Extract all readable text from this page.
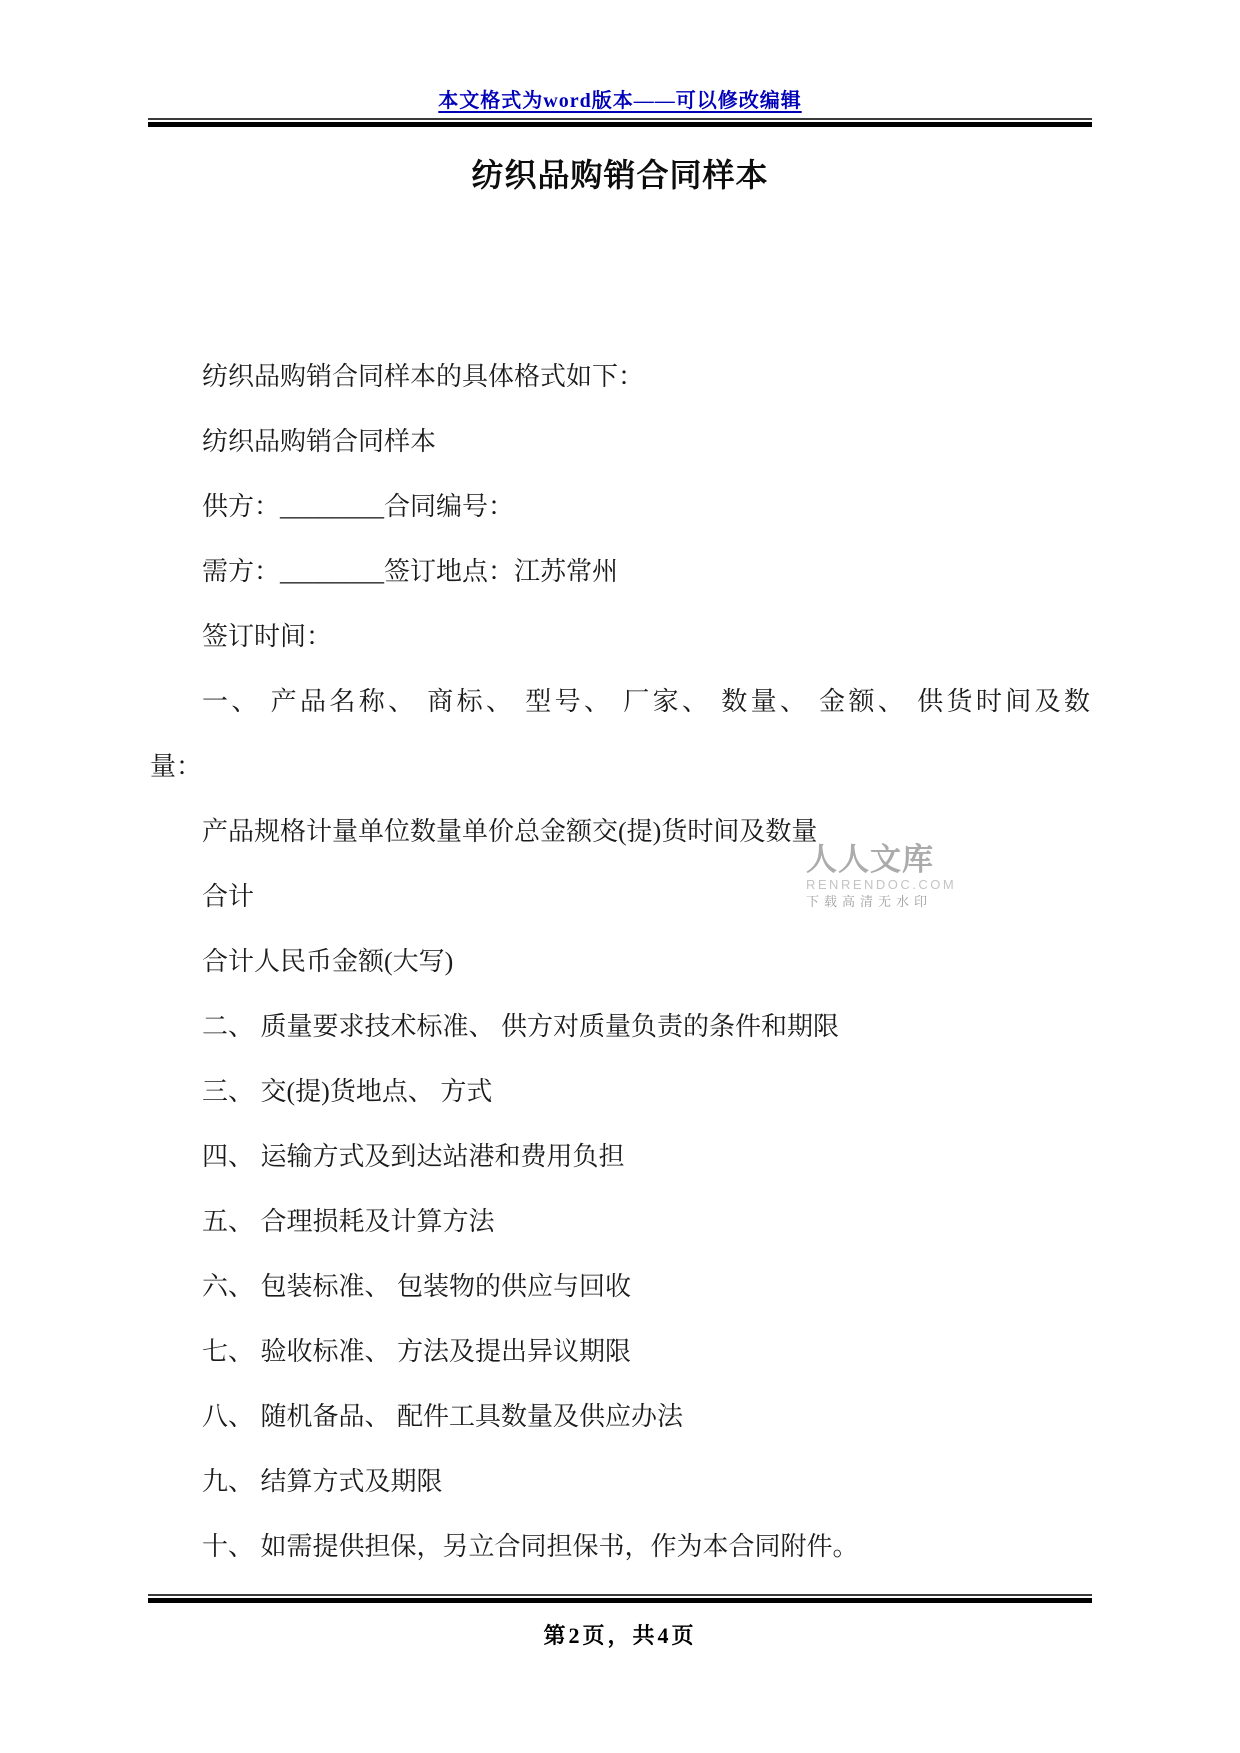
本文格式为word版本——可以修改编辑
纺织品购销合同样本

纺织品购销合同样本的具体格式如下：

纺织品购销合同样本

供方：________合同编号：

需方：________签订地点：江苏常州

签订时间：

一、 产品名称、 商标、 型号、 厂家、 数量、 金额、 供货时间及数

量：

产品规格计量单位数量单价总金额交(提)货时间及数量

合计

合计人民币金额(大写)

二、 质量要求技术标准、 供方对质量负责的条件和期限

三、 交(提)货地点、 方式

四、 运输方式及到达站港和费用负担

五、 合理损耗及计算方法

六、 包装标准、 包装物的供应与回收

七、 验收标准、 方法及提出异议期限

八、 随机备品、 配件工具数量及供应办法

九、 结算方式及期限

十、 如需提供担保，另立合同担保书，作为本合同附件。

人人文库
RENRENDOC.COM
下载高清无水印
第2页，共4页
